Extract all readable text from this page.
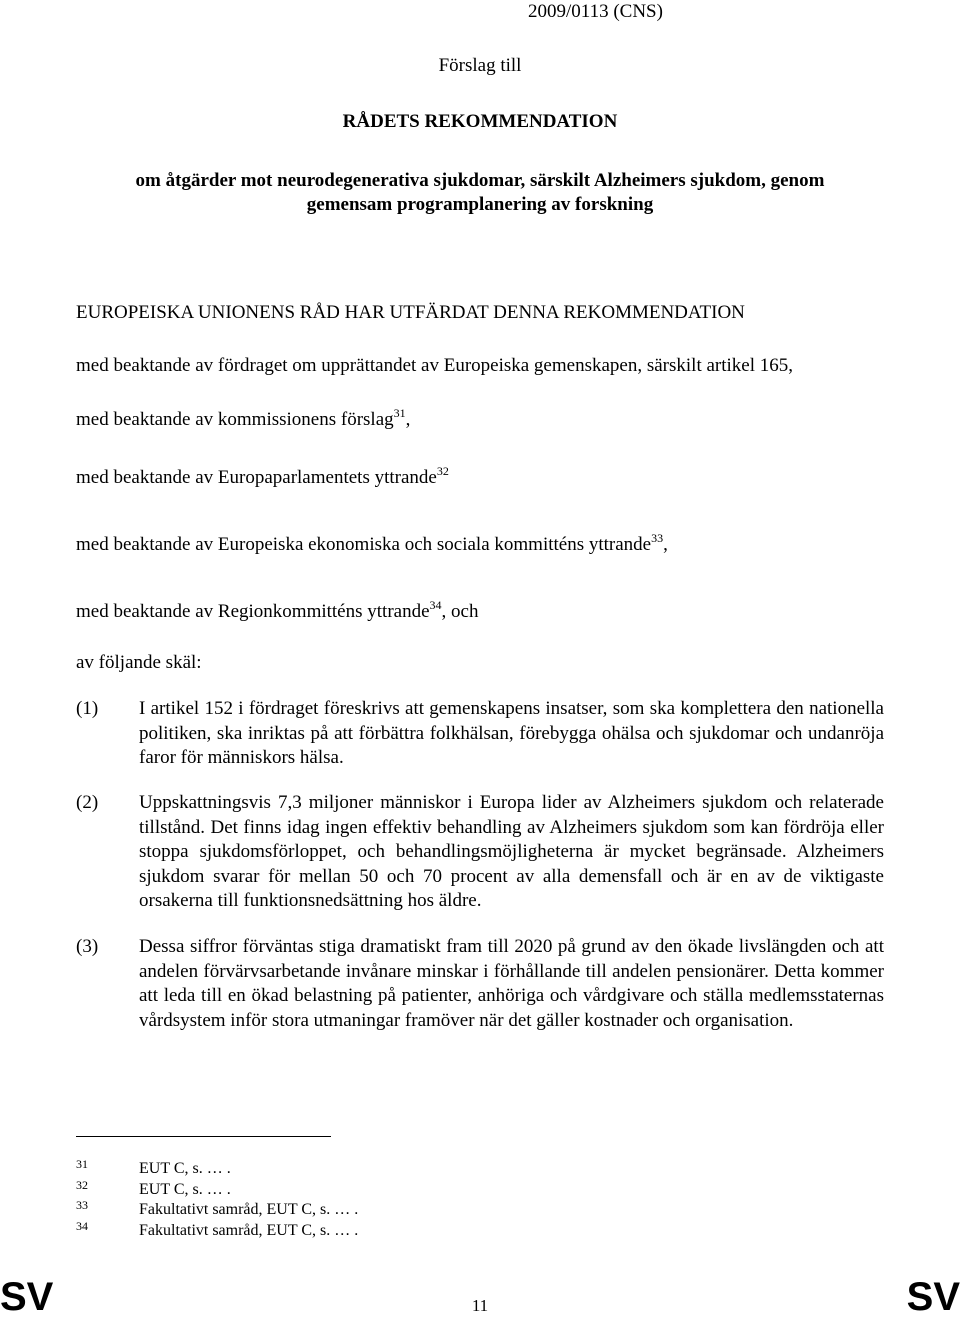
2009/0113 (CNS)
Förslag till
RÅDETS REKOMMENDATION
om åtgärder mot neurodegenerativa sjukdomar, särskilt Alzheimers sjukdom, genom
gemensam programplanering av forskning
EUROPEISKA UNIONENS RÅD HAR UTFÄRDAT DENNA REKOMMENDATION
med beaktande av fördraget om upprättandet av Europeiska gemenskapen, särskilt artikel 165,
med beaktande av kommissionens förslag$^{31}$,
med beaktande av Europaparlamentets yttrande$^{32}$
med beaktande av Europeiska ekonomiska och sociala kommitténs yttrande$^{33}$,
med beaktande av Regionkommitténs yttrande$^{34}$, och
av följande skäl:
(1) I artikel 152 i fördraget föreskrivs att gemenskapens insatser, som ska komplettera den nationella politiken, ska inriktas på att förbättra folkhälsan, förebygga ohälsa och sjukdomar och undanröja faror för människors hälsa.
(2) Uppskattningsvis 7,3 miljoner människor i Europa lider av Alzheimers sjukdom och relaterade tillstånd. Det finns idag ingen effektiv behandling av Alzheimers sjukdom som kan fördröja eller stoppa sjukdomsförloppet, och behandlingsmöjligheterna är mycket begränsade. Alzheimers sjukdom svarar för mellan 50 och 70 procent av alla demensfall och är en av de viktigaste orsakerna till funktionsnedsättning hos äldre.
(3) Dessa siffror förväntas stiga dramatiskt fram till 2020 på grund av den ökade livslängden och att andelen förvärvsarbetande invånare minskar i förhållande till andelen pensionärer. Detta kommer att leda till en ökad belastning på patienter, anhöriga och vårdgivare och ställa medlemsstaternas vårdsystem inför stora utmaningar framöver när det gäller kostnader och organisation.
31	EUT C, s. … .
32	EUT C, s. … .
33	Fakultativt samråd, EUT C, s. … .
34	Fakultativt samråd, EUT C, s. … .
SV	SV
11
